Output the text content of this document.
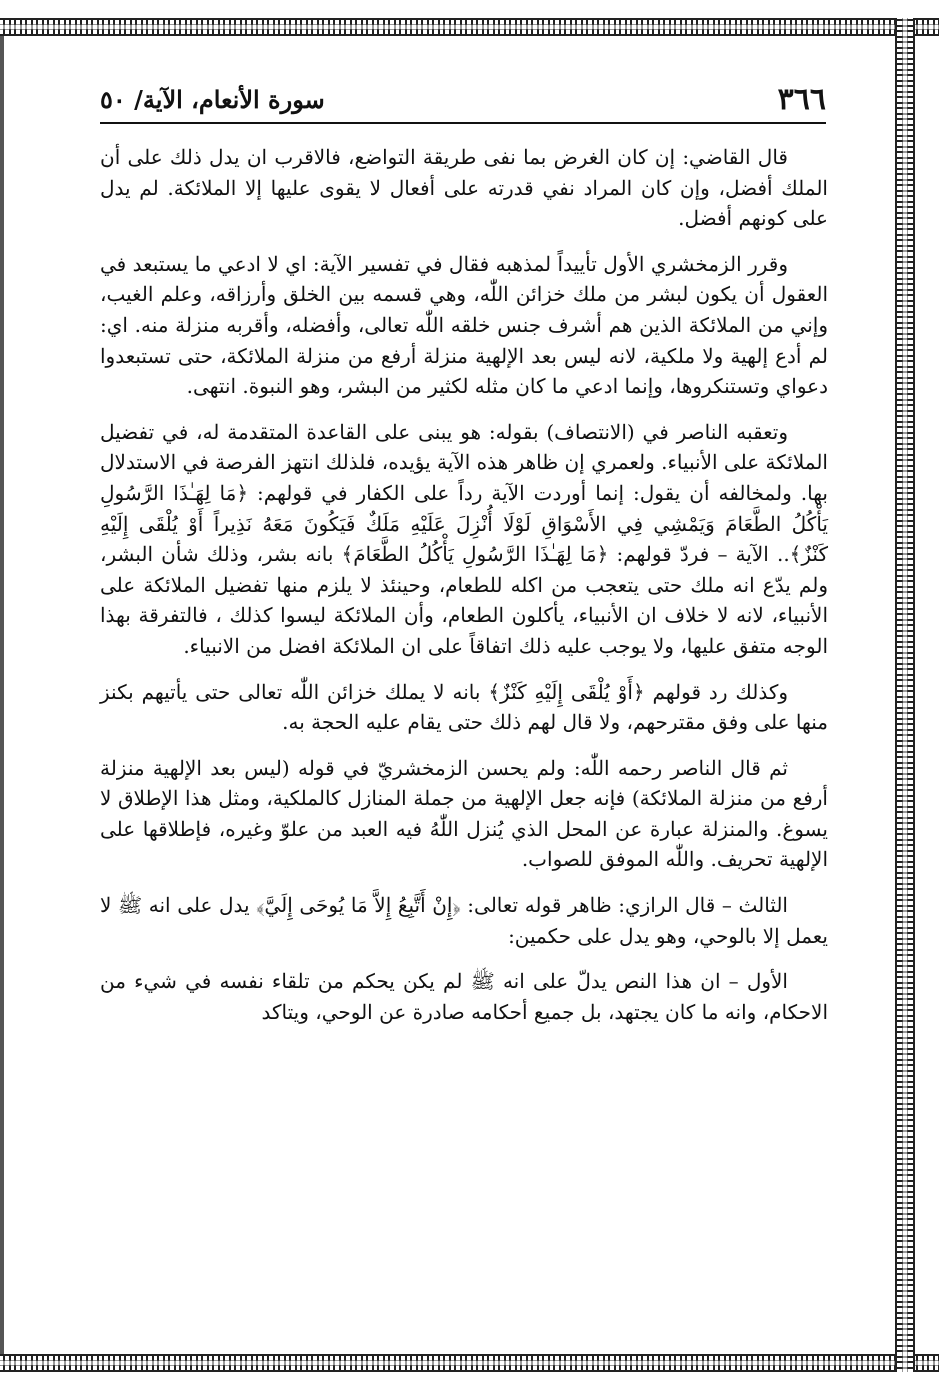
٣٦٦
سورة الأنعام، الآية/ ٥٠

قال القاضي: إن كان الغرض بما نفى طريقة التواضع، فالاقرب ان يدل ذلك على أن الملك أفضل، وإن كان المراد نفي قدرته على أفعال لا يقوى عليها إلا الملائكة. لم يدل على كونهم أفضل.

وقرر الزمخشري الأول تأييداً لمذهبه فقال في تفسير الآية: اي لا ادعي ما يستبعد في العقول أن يكون لبشر من ملك خزائن اللّٰه، وهي قسمه بين الخلق وأرزاقه، وعلم الغيب، وإني من الملائكة الذين هم أشرف جنس خلقه اللّٰه تعالى، وأفضله، وأقربه منزلة منه. اي: لم أدع إلهية ولا ملكية، لانه ليس بعد الإلهية منزلة أرفع من منزلة الملائكة، حتى تستبعدوا دعواي وتستنكروها، وإنما ادعي ما كان مثله لكثير من البشر، وهو النبوة. انتهى.

وتعقبه الناصر في (الانتصاف) بقوله: هو يبنى على القاعدة المتقدمة له، في تفضيل الملائكة على الأنبياء. ولعمري إن ظاهر هذه الآية يؤيده، فلذلك انتهز الفرصة في الاستدلال بها. ولمخالفه أن يقول: إنما أوردت الآية رداً على الكفار في قولهم: ﴿مَا لِهَـٰذَا الرَّسُولِ يَأْكُلُ الطَّعَامَ وَيَمْشِي فِي الأَسْوَاقِ لَوْلَا أُنْزِلَ عَلَيْهِ مَلَكٌ فَيَكُونَ مَعَهُ نَذِيراً أَوْ يُلْقَى إِلَيْهِ كَنْزٌ﴾.. الآية – فردّ قولهم: ﴿مَا لِهَـٰذَا الرَّسُولِ يَأْكُلُ الطَّعَامَ﴾ بانه بشر، وذلك شأن البشر، ولم يدّع انه ملك حتى يتعجب من اكله للطعام، وحينئذ لا يلزم منها تفضيل الملائكة على الأنبياء، لانه لا خلاف ان الأنبياء، يأكلون الطعام، وأن الملائكة ليسوا كذلك ، فالتفرقة بهذا الوجه متفق عليها، ولا يوجب عليه ذلك اتفاقاً على ان الملائكة افضل من الانبياء.

وكذلك رد قولهم ﴿أَوْ يُلْقَى إِلَيْهِ كَنْزٌ﴾ بانه لا يملك خزائن اللّٰه تعالى حتى يأتيهم بكنز منها على وفق مقترحهم، ولا قال لهم ذلك حتى يقام عليه الحجة به.

ثم قال الناصر رحمه اللّٰه: ولم يحسن الزمخشريّ في قوله (ليس بعد الإلهية منزلة أرفع من منزلة الملائكة) فإنه جعل الإلهية من جملة المنازل كالملكية، ومثل هذا الإطلاق لا يسوغ. والمنزلة عبارة عن المحل الذي يُنزل اللّٰهُ فيه العبد من علوّ وغيره، فإطلاقها على الإلهية تحريف. واللّٰه الموفق للصواب.

الثالث – قال الرازي: ظاهر قوله تعالى: ﴿إِنْ أَتَّبِعُ إِلاَّ مَا يُوحَى إِلَيَّ﴾ يدل على انه ﷺ لا يعمل إلا بالوحي، وهو يدل على حكمين:

الأول – ان هذا النص يدلّ على انه ﷺ لم يكن يحكم من تلقاء نفسه في شيء من الاحكام، وانه ما كان يجتهد، بل جميع أحكامه صادرة عن الوحي، ويتاكد
